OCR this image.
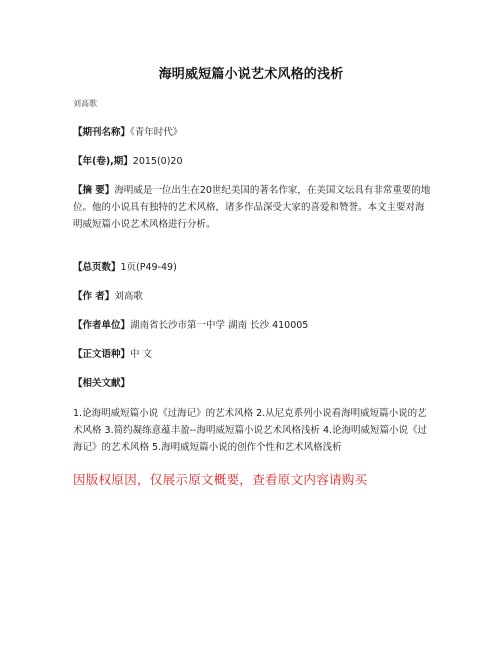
海明威短篇小说艺术风格的浅析
刘高歌
【期刊名称】《青年时代》
【年(卷),期】2015(0)20
【摘 要】海明威是一位出生在20世纪美国的著名作家，在美国文坛具有非常重要的地位。他的小说具有独特的艺术风格，诸多作品深受大家的喜爱和赞誉。本文主要对海明威短篇小说艺术风格进行分析。
【总页数】1页(P49-49)
【作 者】刘高歌
【作者单位】湖南省长沙市第一中学 湖南 长沙 410005
【正文语种】中 文
【相关文献】
1.论海明威短篇小说《过海记》的艺术风格 2.从尼克系列小说看海明威短篇小说的艺术风格 3.简约凝练意蕴丰盈--海明威短篇小说艺术风格浅析 4.论海明威短篇小说《过海记》的艺术风格 5.海明威短篇小说的创作个性和艺术风格浅析
因版权原因，仅展示原文概要，查看原文内容请购买
